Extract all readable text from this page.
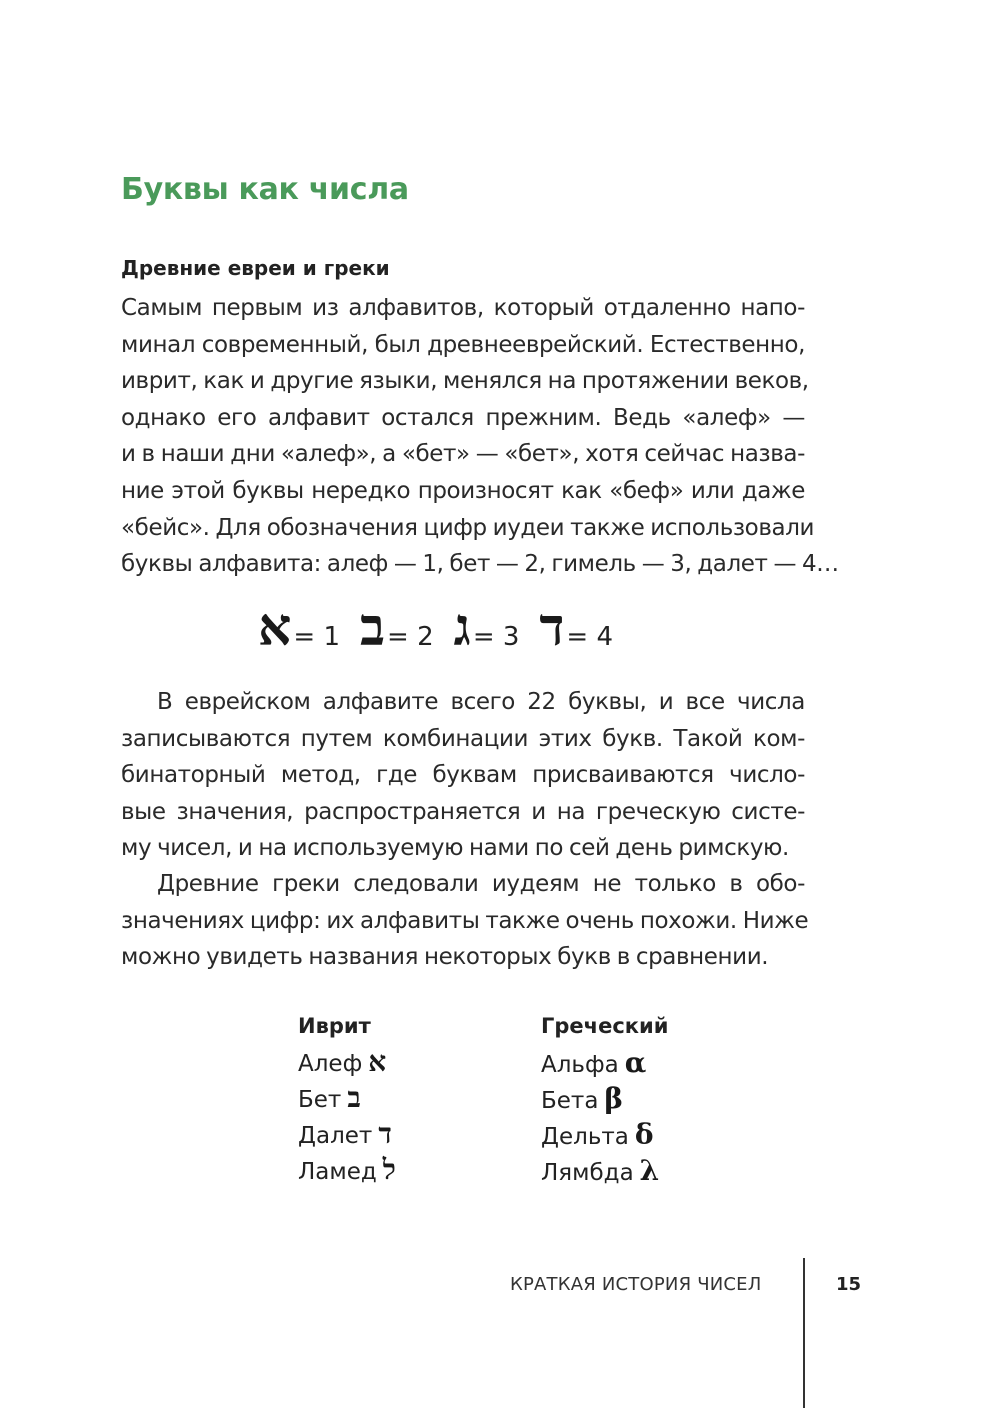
Буквы как числа
Древние евреи и греки
Самым первым из алфавитов, который отдаленно напо-
минал современный, был древнееврейский. Естественно,
иврит, как и другие языки, менялся на протяжении веков,
однако его алфавит остался прежним. Ведь «алеф» —
и в наши дни «алеф», а «бет» — «бет», хотя сейчас назва-
ние этой буквы нередко произносят как «беф» или даже
«бейс». Для обозначения цифр иудеи также использовали
буквы алфавита: алеф — 1, бет — 2, гимель — 3, далет — 4…
א = 1 ב = 2 ג = 3 ד = 4
В еврейском алфавите всего 22 буквы, и все числа
записываются путем комбинации этих букв. Такой ком-
бинаторный метод, где буквам присваиваются число-
вые значения, распространяется и на греческую систе-
му чисел, и на используемую нами по сей день римскую.
Древние греки следовали иудеям не только в обо-
значениях цифр: их алфавиты также очень похожи. Ниже
можно увидеть названия некоторых букв в сравнении.
Иврит	Греческий
Алеф א	Альфа α
Бет ב	Бета β
Далет ד	Дельта δ
Ламед ל	Лямбда λ
КРАТКАЯ ИСТОРИЯ ЧИСЕЛ	15
